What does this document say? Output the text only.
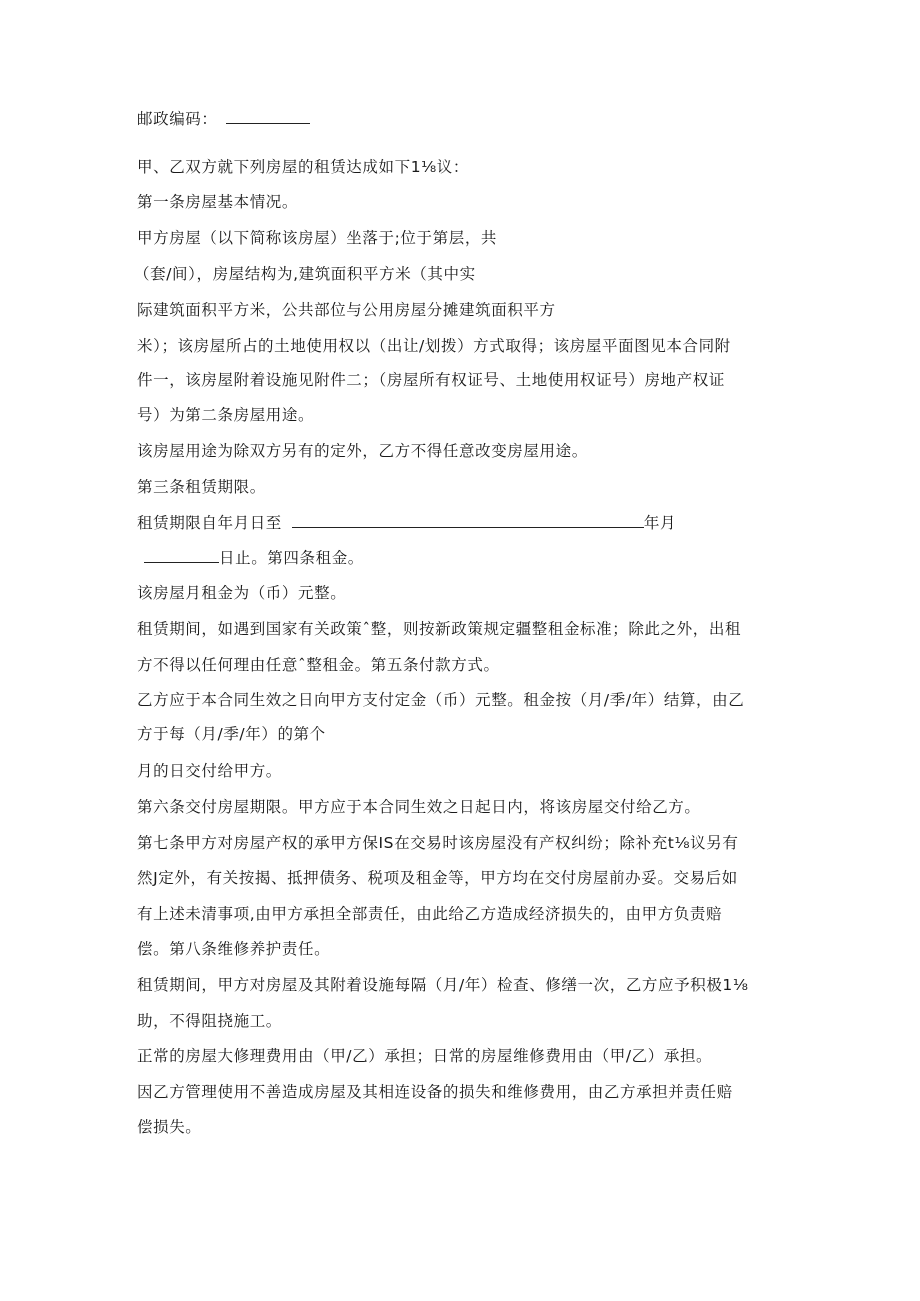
邮政编码：
甲、乙双方就下列房屋的租赁达成如下1⅛议：
第一条房屋基本情况。
甲方房屋（以下简称该房屋）坐落于;位于第层，共
（套/间），房屋结构为,建筑面积平方米（其中实
际建筑面积平方米，公共部位与公用房屋分摊建筑面积平方
米）；该房屋所占的土地使用权以（出让/划拨）方式取得；该房屋平面图见本合同附
件一，该房屋附着设施见附件二；（房屋所有权证号、土地使用权证号）房地产权证
号）为第二条房屋用途。
该房屋用途为除双方另有的定外，乙方不得任意改变房屋用途。
第三条租赁期限。
租赁期限自年月日至	年月
日止。第四条租金。
该房屋月租金为（币）元整。
租赁期间，如遇到国家有关政策ˆ整，则按新政策规定疆整租金标准；除此之外，出租
方不得以任何理由任意ˆ整租金。第五条付款方式。
乙方应于本合同生效之日向甲方支付定金（币）元整。租金按（月/季/年）结算，由乙
方于每（月/季/年）的第个
月的日交付给甲方。
第六条交付房屋期限。甲方应于本合同生效之日起日内，将该房屋交付给乙方。
第七条甲方对房屋产权的承甲方保IS在交易时该房屋没有产权纠纷；除补充t⅛议另有
然J定外，有关按揭、抵押债务、税项及租金等，甲方均在交付房屋前办妥。交易后如
有上述未清事项,由甲方承担全部责任，由此给乙方造成经济损失的，由甲方负责赔
偿。第八条维修养护责任。
租赁期间，甲方对房屋及其附着设施每隔（月/年）检查、修缮一次，乙方应予积极1⅛
助，不得阻挠施工。
正常的房屋大修理费用由（甲/乙）承担；日常的房屋维修费用由（甲/乙）承担。
因乙方管理使用不善造成房屋及其相连设备的损失和维修费用，由乙方承担并责任赔
偿损失。
